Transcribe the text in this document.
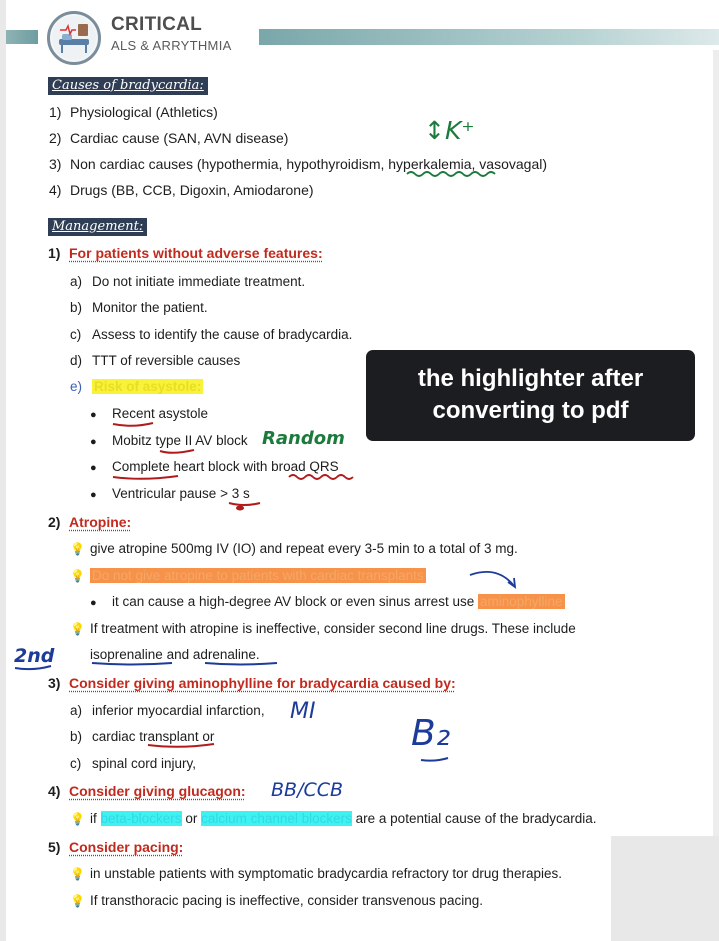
CRITICAL
ALS & ARRYTHMIA
Causes of bradycardia:
1) Physiological (Athletics)
2) Cardiac cause (SAN, AVN disease)
3) Non cardiac causes (hypothermia, hypothyroidism, hyperkalemia, vasovagal)
4) Drugs (BB, CCB, Digoxin, Amiodarone)
Management:
1) For patients without adverse features:
a) Do not initiate immediate treatment.
b) Monitor the patient.
c) Assess to identify the cause of bradycardia.
d) TTT of reversible causes
e) Risk of asystole:
● Recent asystole
● Mobitz type II AV block
● Complete heart block with broad QRS
● Ventricular pause > 3 s
the highlighter after
converting to pdf
2) Atropine:
💡 give atropine 500mg IV (IO) and repeat every 3-5 min to a total of 3 mg.
💡 Do not give atropine to patients with cardiac transplants
● it can cause a high-degree AV block or even sinus arrest use aminophylline
💡 If treatment with atropine is ineffective, consider second line drugs. These include
isoprenaline and adrenaline.
3) Consider giving aminophylline for bradycardia caused by:
a) inferior myocardial infarction,
b) cardiac transplant or
c) spinal cord injury,
4) Consider giving glucagon:
💡 if beta-blockers or calcium channel blockers are a potential cause of the bradycardia.
5) Consider pacing:
💡 in unstable patients with symptomatic bradycardia refractory tor drug therapies.
💡 If transthoracic pacing is ineffective, consider transvenous pacing.
↕K⁺
Random
2nd
MI
B₂
BB/CCB
